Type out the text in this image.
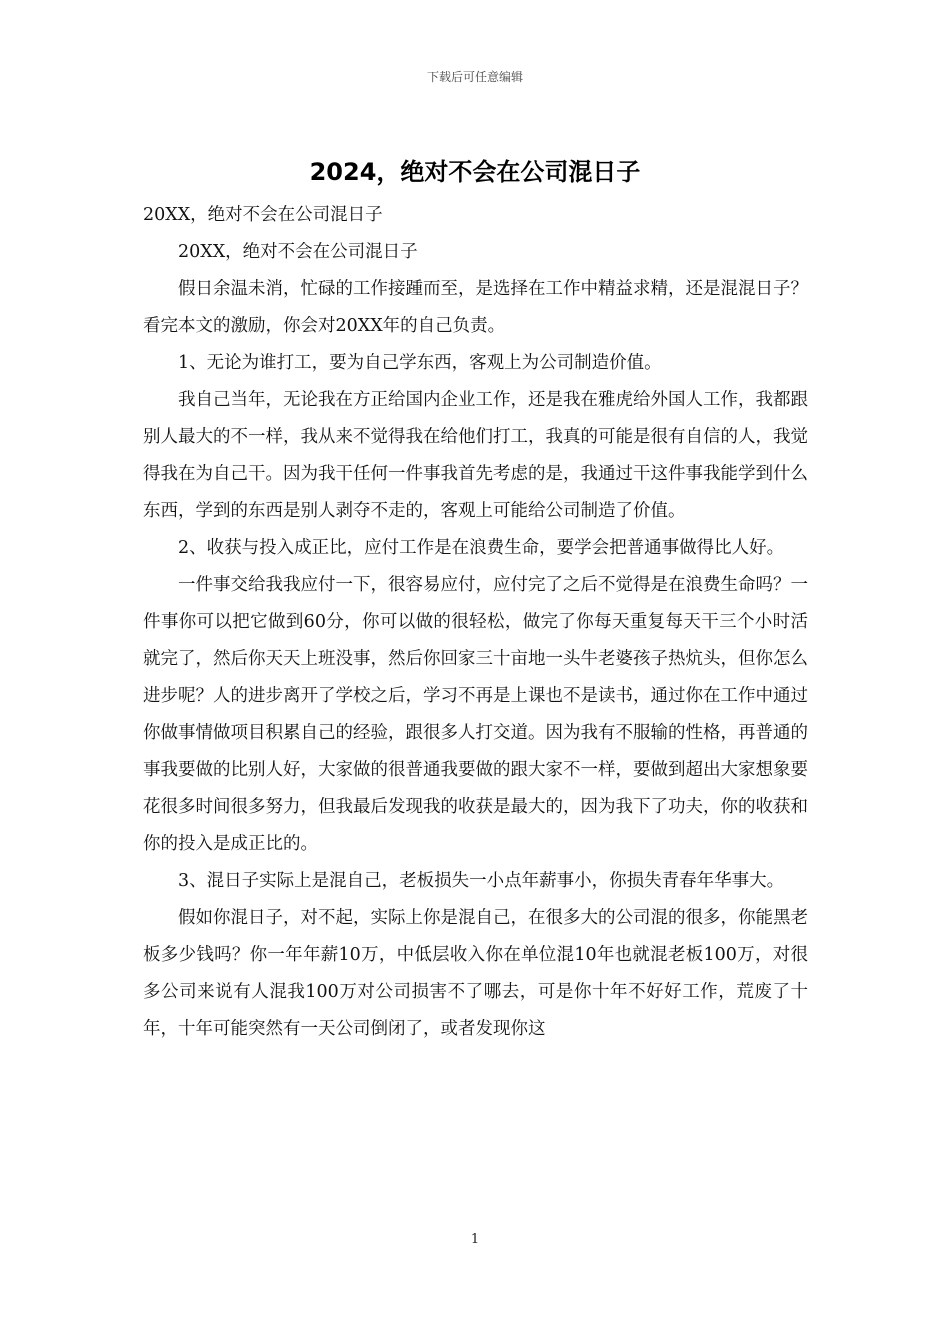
下载后可任意编辑
2024，绝对不会在公司混日子

20XX，绝对不会在公司混日子

20XX，绝对不会在公司混日子

假日余温未消，忙碌的工作接踵而至，是选择在工作中精益求精，还是混混日子？看完本文的激励，你会对20XX年的自己负责。

1、无论为谁打工，要为自己学东西，客观上为公司制造价值。

我自己当年，无论我在方正给国内企业工作，还是我在雅虎给外国人工作，我都跟别人最大的不一样，我从来不觉得我在给他们打工，我真的可能是很有自信的人，我觉得我在为自己干。因为我干任何一件事我首先考虑的是，我通过干这件事我能学到什么东西，学到的东西是别人剥夺不走的，客观上可能给公司制造了价值。

2、收获与投入成正比，应付工作是在浪费生命，要学会把普通事做得比人好。

一件事交给我我应付一下，很容易应付，应付完了之后不觉得是在浪费生命吗？一件事你可以把它做到60分，你可以做的很轻松，做完了你每天重复每天干三个小时活就完了，然后你天天上班没事，然后你回家三十亩地一头牛老婆孩子热炕头，但你怎么进步呢？人的进步离开了学校之后，学习不再是上课也不是读书，通过你在工作中通过你做事情做项目积累自己的经验，跟很多人打交道。因为我有不服输的性格，再普通的事我要做的比别人好，大家做的很普通我要做的跟大家不一样，要做到超出大家想象要花很多时间很多努力，但我最后发现我的收获是最大的，因为我下了功夫，你的收获和你的投入是成正比的。

3、混日子实际上是混自己，老板损失一小点年薪事小，你损失青春年华事大。

假如你混日子，对不起，实际上你是混自己，在很多大的公司混的很多，你能黑老板多少钱吗？你一年年薪10万，中低层收入你在单位混10年也就混老板100万，对很多公司来说有人混我100万对公司损害不了哪去，可是你十年不好好工作，荒废了十年，十年可能突然有一天公司倒闭了，或者发现你这

1
